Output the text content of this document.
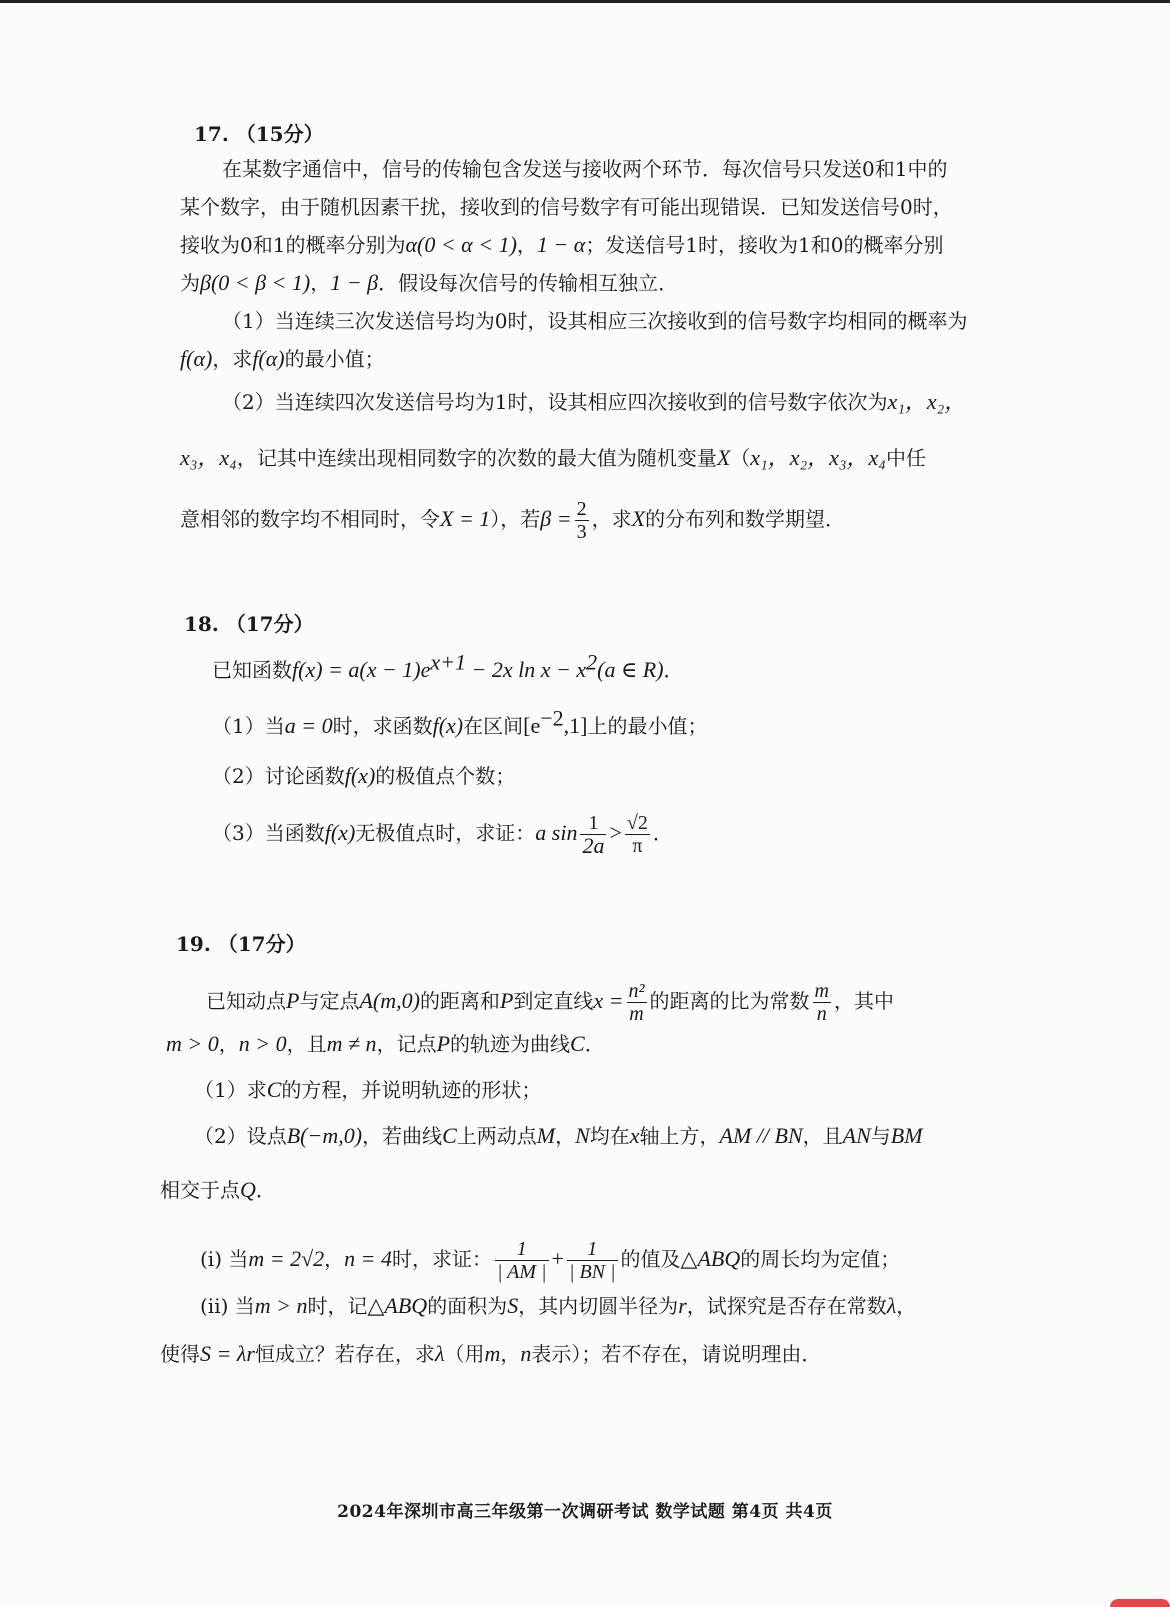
17. （15分）
在某数字通信中，信号的传输包含发送与接收两个环节．每次信号只发送0和1中的
某个数字，由于随机因素干扰，接收到的信号数字有可能出现错误．已知发送信号0时，
接收为0和1的概率分别为α(0 < α < 1)，1 − α；发送信号1时，接收为1和0的概率分别
为β(0 < β < 1)，1 − β．假设每次信号的传输相互独立．
（1）当连续三次发送信号均为0时，设其相应三次接收到的信号数字均相同的概率为
f(α)，求f(α)的最小值；
（2）当连续四次发送信号均为1时，设其相应四次接收到的信号数字依次为x₁，x₂，
x₃，x₄，记其中连续出现相同数字的次数的最大值为随机变量X（x₁，x₂，x₃，x₄中任
意相邻的数字均不相同时，令X = 1），若$\beta = \frac{2}{3}$ ，求X的分布列和数学期望．
18. （17分）
已知函数$f(x) = a(x - 1)e^{x+1} - 2x$ $\ln x - x^2(a$ ∈ R)．
（1）当a = 0时，求函数f(x)在区间$[e^{-2},1]$上的最小值；
（2）讨论函数f(x)的极值点个数；
（3）当函数f(x)无极值点时，求证：a $\sin \frac{1}{2a} > \frac{√2}{\pi}$ ．
19. （17分）
已知动点P与定点A(m,0)的距离和P到定直线$x = \frac{\text{n²}}{m}$ 的距离的比为常数 $\frac{m}{n}$ ，其中
m > 0，n > 0，且m ≠ n，记点P的轨迹为曲线C．
（1）求C的方程，并说明轨迹的形状；
（2）设点B(−m,0)，若曲线C上两动点M，N均在x轴上方，AM // BN，且AN与BM
相交于点Q．
(i) 当m = 2√2，n = 4时，求证： $\frac{1}{| AM |} + \frac{1}{| BN |}$ 的值及△ABQ的周长均为定值；
(ii) 当m > n时，记△ABQ的面积为S，其内切圆半径为r，试探究是否存在常数λ，
使得S = λr恒成立？若存在，求λ（用m，n表示）；若不存在，请说明理由．
2024年深圳市高三年级第一次调研考试 数学试题 第4页 共4页
